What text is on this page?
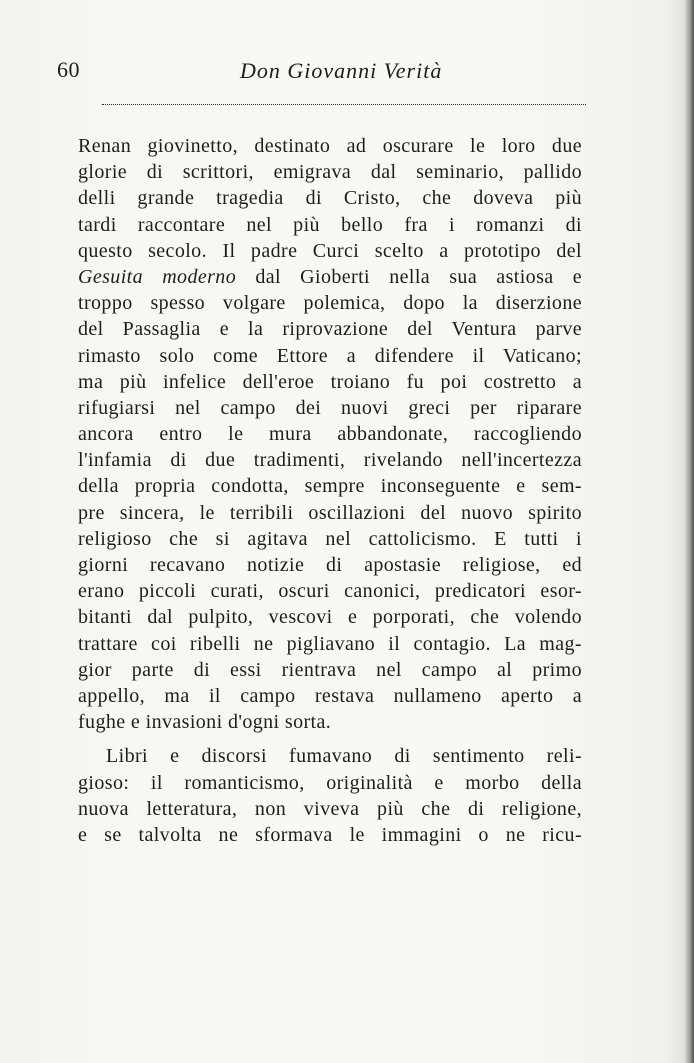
60	Don Giovanni Verità
Renan giovinetto, destinato ad oscurare le loro due
glorie di scrittori, emigrava dal seminario, pallido
delli grande tragedia di Cristo, che doveva più
tardi raccontare nel più bello fra i romanzi di
questo secolo. Il padre Curci scelto a prototipo del
Gesuita moderno dal Gioberti nella sua astiosa e
troppo spesso volgare polemica, dopo la diserzione
del Passaglia e la riprovazione del Ventura parve
rimasto solo come Ettore a difendere il Vaticano;
ma più infelice dell'eroe troiano fu poi costretto a
rifugiarsi nel campo dei nuovi greci per riparare
ancora entro le mura abbandonate, raccogliendo
l'infamia di due tradimenti, rivelando nell'incertezza
della propria condotta, sempre inconseguente e sem-
pre sincera, le terribili oscillazioni del nuovo spirito
religioso che si agitava nel cattolicismo. E tutti i
giorni recavano notizie di apostasie religiose, ed
erano piccoli curati, oscuri canonici, predicatori esor-
bitanti dal pulpito, vescovi e porporati, che volendo
trattare coi ribelli ne pigliavano il contagio. La mag-
gior parte di essi rientrava nel campo al primo
appello, ma il campo restava nullameno aperto a
fughe e invasioni d'ogni sorta.
Libri e discorsi fumavano di sentimento reli-
gioso: il romanticismo, originalità e morbo della
nuova letteratura, non viveva più che di religione,
e se talvolta ne sformava le immagini o ne ricu-
